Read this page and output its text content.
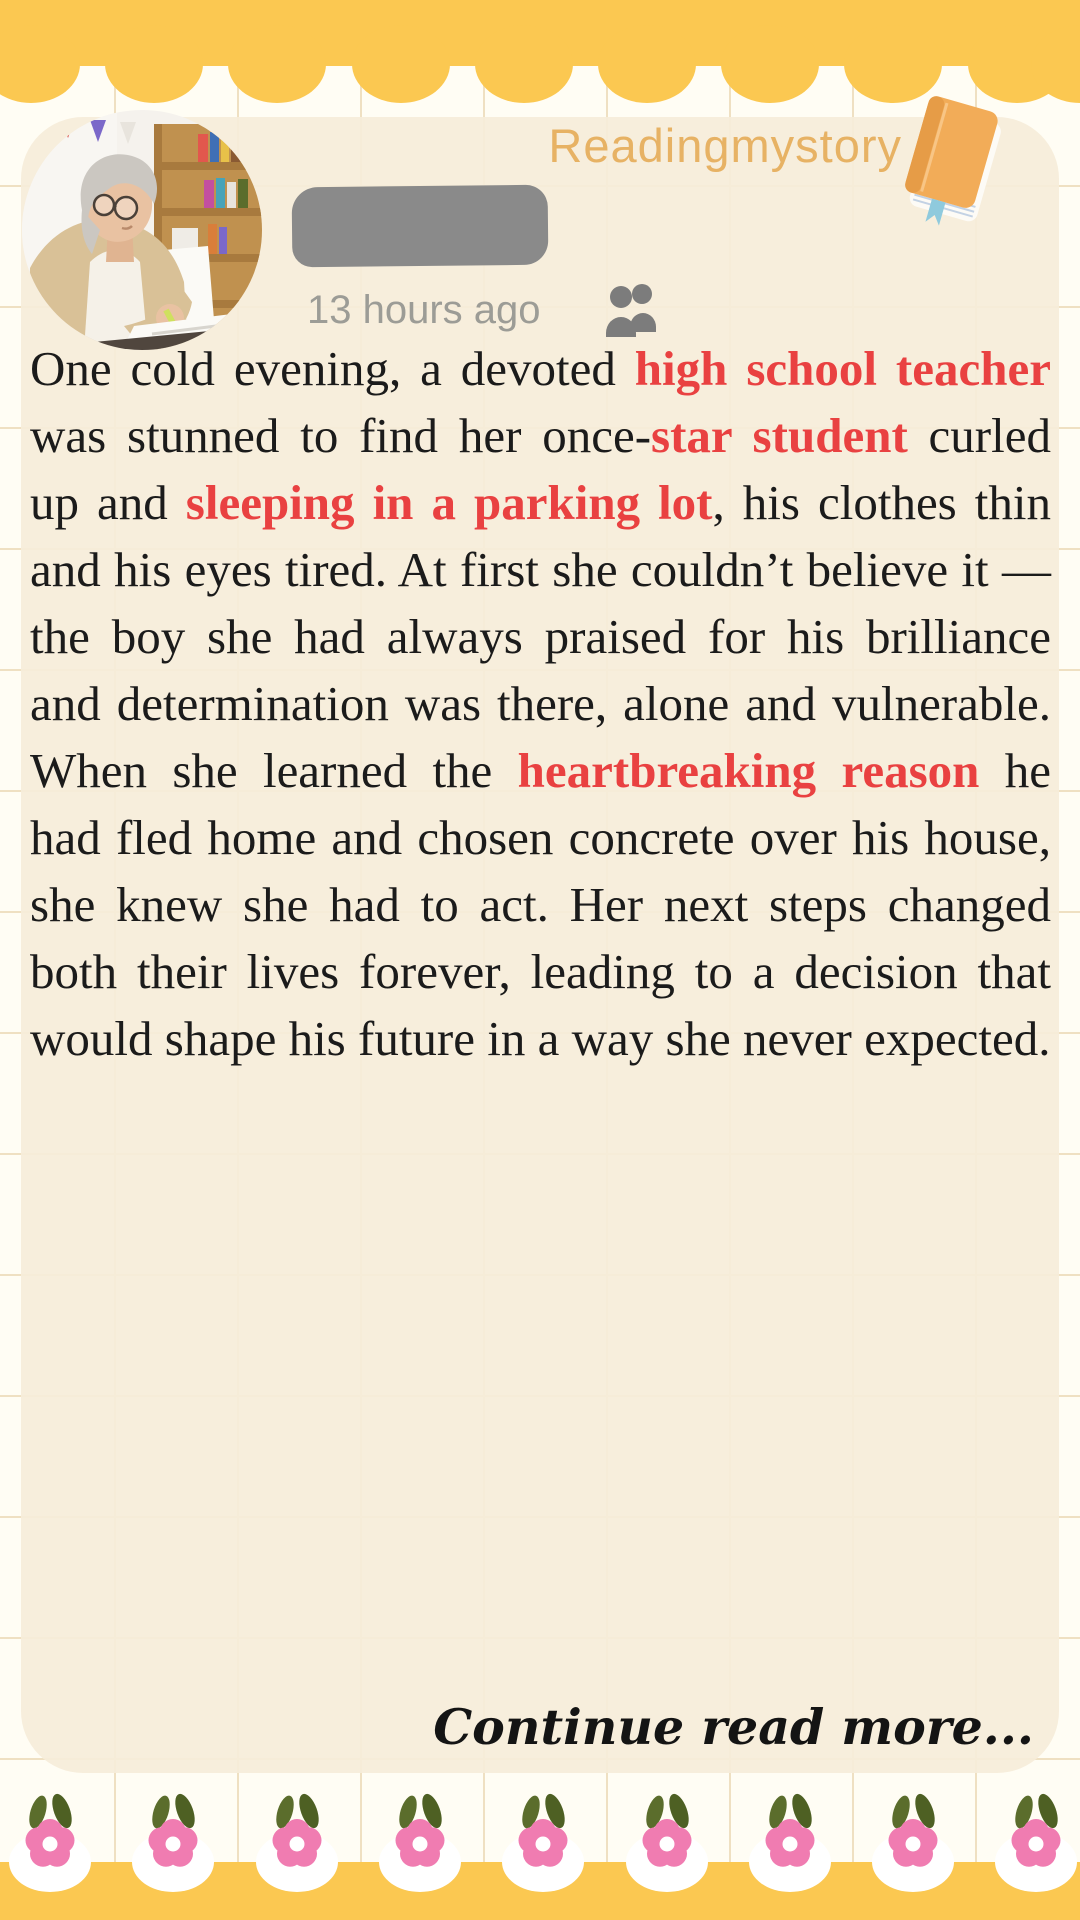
Readingmystory
13 hours ago

One cold evening, a devoted high school teacher was stunned to find her once-star student curled up and sleeping in a parking lot, his clothes thin and his eyes tired. At first she couldn’t believe it — the boy she had always praised for his brilliance and determination was there, alone and vulnerable. When she learned the heartbreaking reason he had fled home and chosen concrete over his house, she knew she had to act. Her next steps changed both their lives forever, leading to a decision that would shape his future in a way she never expected.

Continue read more...
